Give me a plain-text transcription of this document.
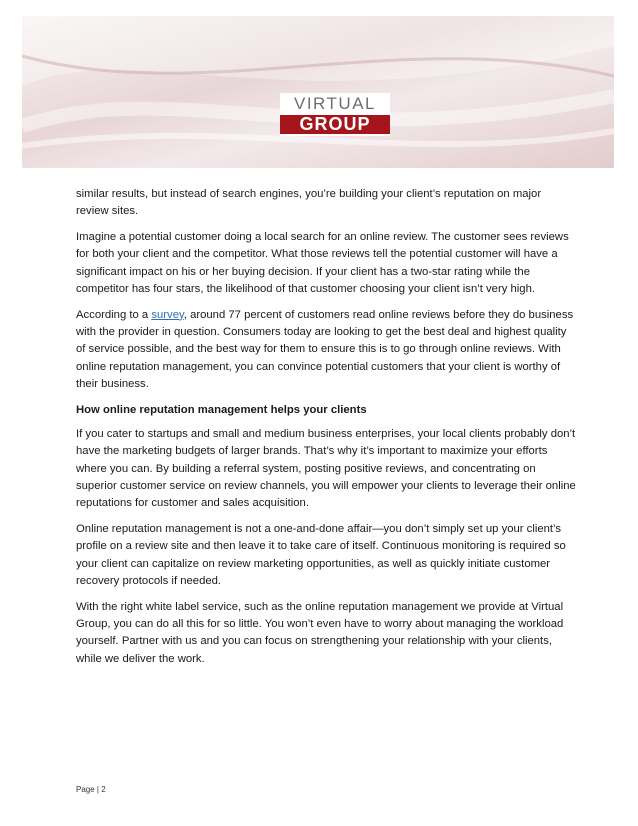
VIRTUAL
GROUP

similar results, but instead of search engines, you’re building your client’s reputation on major review sites.

Imagine a potential customer doing a local search for an online review. The customer sees reviews for both your client and the competitor. What those reviews tell the potential customer will have a significant impact on his or her buying decision. If your client has a two-star rating while the competitor has four stars, the likelihood of that customer choosing your client isn’t very high.

According to a survey, around 77 percent of customers read online reviews before they do business with the provider in question. Consumers today are looking to get the best deal and highest quality of service possible, and the best way for them to ensure this is to go through online reviews. With online reputation management, you can convince potential customers that your client is worthy of their business.

How online reputation management helps your clients

If you cater to startups and small and medium business enterprises, your local clients probably don’t have the marketing budgets of larger brands. That’s why it’s important to maximize your efforts where you can. By building a referral system, posting positive reviews, and concentrating on superior customer service on review channels, you will empower your clients to leverage their online reputations for customer and sales acquisition.

Online reputation management is not a one-and-done affair—you don’t simply set up your client’s profile on a review site and then leave it to take care of itself. Continuous monitoring is required so your client can capitalize on review marketing opportunities, as well as quickly initiate customer recovery protocols if needed.

With the right white label service, such as the online reputation management we provide at Virtual Group, you can do all this for so little. You won’t even have to worry about managing the workload yourself. Partner with us and you can focus on strengthening your relationship with your clients, while we deliver the work.

Page | 2
